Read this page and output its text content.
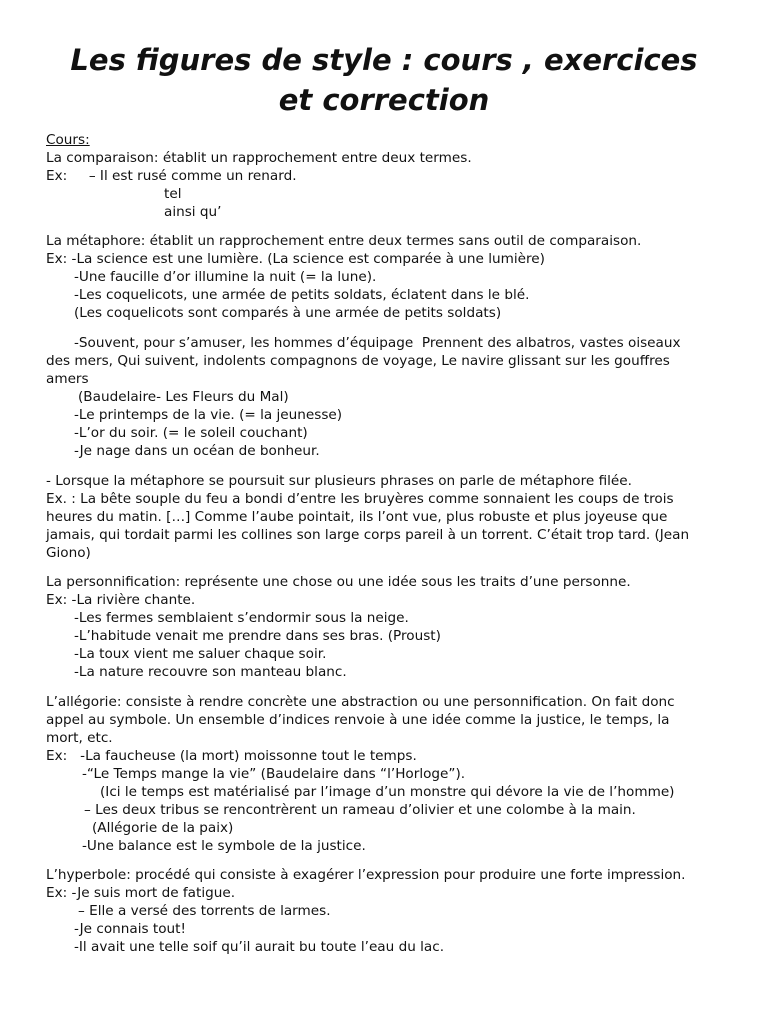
Les figures de style : cours , exercices
et correction
Cours:
La comparaison: établit un rapprochement entre deux termes.
Ex:     – Il est rusé comme un renard.
tel
ainsi qu’
La métaphore: établit un rapprochement entre deux termes sans outil de comparaison.
Ex: -La science est une lumière. (La science est comparée à une lumière)
-Une faucille d’or illumine la nuit (= la lune).
-Les coquelicots, une armée de petits soldats, éclatent dans le blé.
(Les coquelicots sont comparés à une armée de petits soldats)
-Souvent, pour s’amuser, les hommes d’équipage  Prennent des albatros, vastes oiseaux
des mers, Qui suivent, indolents compagnons de voyage, Le navire glissant sur les gouffres
amers
(Baudelaire- Les Fleurs du Mal)
-Le printemps de la vie. (= la jeunesse)
-L’or du soir. (= le soleil couchant)
-Je nage dans un océan de bonheur.
- Lorsque la métaphore se poursuit sur plusieurs phrases on parle de métaphore filée.
Ex. : La bête souple du feu a bondi d’entre les bruyères comme sonnaient les coups de trois
heures du matin. […] Comme l’aube pointait, ils l’ont vue, plus robuste et plus joyeuse que
jamais, qui tordait parmi les collines son large corps pareil à un torrent. C’était trop tard. (Jean
Giono)
La personnification: représente une chose ou une idée sous les traits d’une personne.
Ex: -La rivière chante.
-Les fermes semblaient s’endormir sous la neige.
-L’habitude venait me prendre dans ses bras. (Proust)
-La toux vient me saluer chaque soir.
-La nature recouvre son manteau blanc.
L’allégorie: consiste à rendre concrète une abstraction ou une personnification. On fait donc
appel au symbole. Un ensemble d’indices renvoie à une idée comme la justice, le temps, la
mort, etc.
Ex:   -La faucheuse (la mort) moissonne tout le temps.
-“Le Temps mange la vie” (Baudelaire dans “l’Horloge”).
(Ici le temps est matérialisé par l’image d’un monstre qui dévore la vie de l’homme)
– Les deux tribus se rencontrèrent un rameau d’olivier et une colombe à la main.
(Allégorie de la paix)
-Une balance est le symbole de la justice.
L’hyperbole: procédé qui consiste à exagérer l’expression pour produire une forte impression.
Ex: -Je suis mort de fatigue.
– Elle a versé des torrents de larmes.
-Je connais tout!
-Il avait une telle soif qu’il aurait bu toute l’eau du lac.
